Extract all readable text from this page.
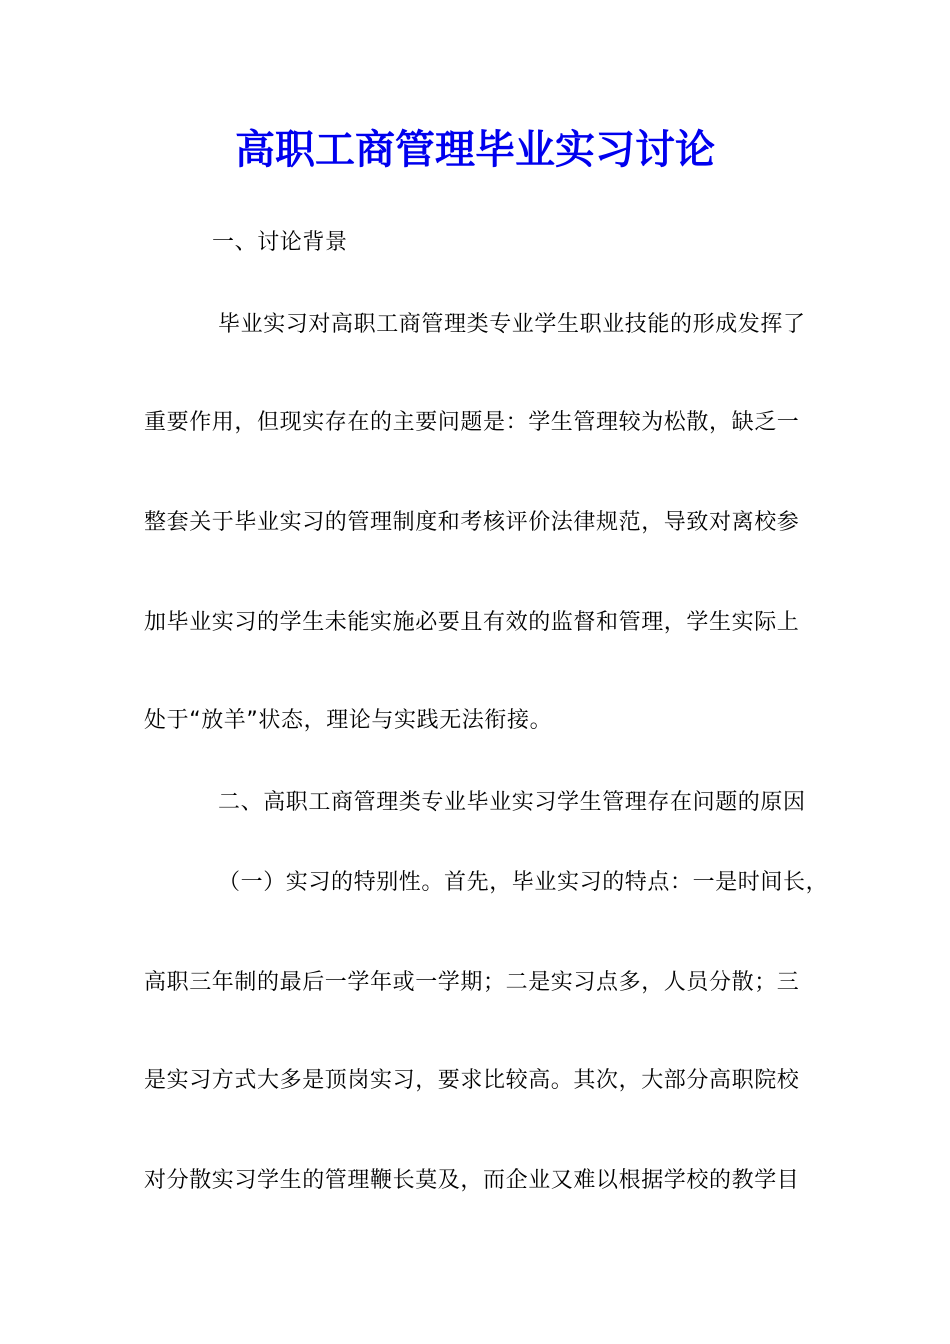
高职工商管理毕业实习讨论
一、讨论背景
毕业实习对高职工商管理类专业学生职业技能的形成发挥了
重要作用，但现实存在的主要问题是：学生管理较为松散，缺乏一
整套关于毕业实习的管理制度和考核评价法律规范，导致对离校参
加毕业实习的学生未能实施必要且有效的监督和管理，学生实际上
处于“放羊”状态，理论与实践无法衔接。
二、高职工商管理类专业毕业实习学生管理存在问题的原因
（一）实习的特别性。首先，毕业实习的特点：一是时间长，
高职三年制的最后一学年或一学期；二是实习点多，人员分散；三
是实习方式大多是顶岗实习，要求比较高。其次，大部分高职院校
对分散实习学生的管理鞭长莫及，而企业又难以根据学校的教学目
